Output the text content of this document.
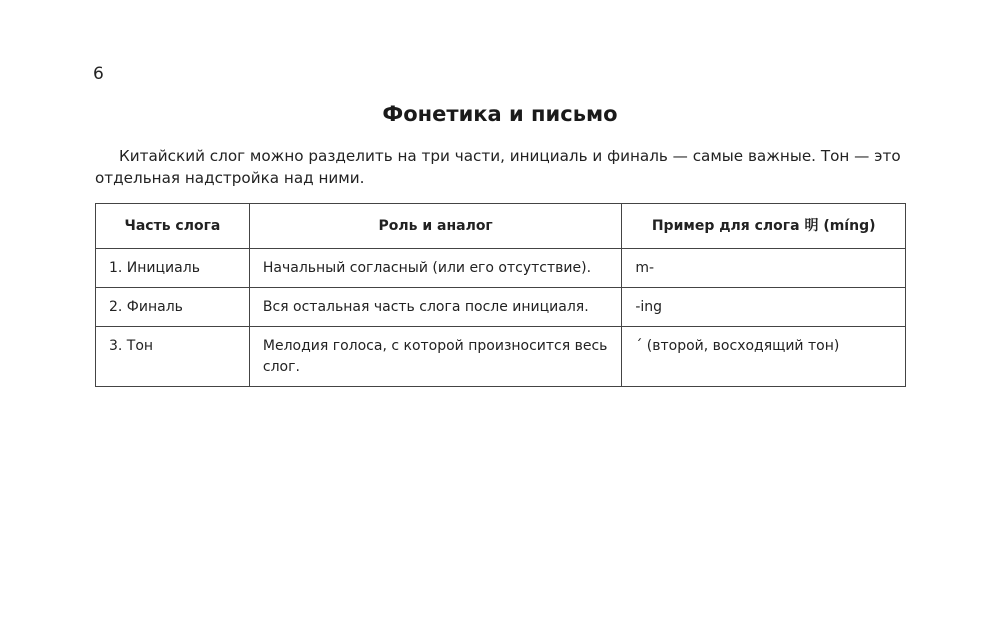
6
Фонетика и письмо

Китайский слог можно разделить на три части, инициаль и финаль — самые важные. Тон — это отдельная надстройка над ними.

Часть слога	Роль и аналог	Пример для слога 明 (míng)
1. Инициаль	Начальный согласный (или его отсутствие).	m-
2. Финаль	Вся остальная часть слога после инициаля.	-ing
3. Тон	Мелодия голоса, с которой произносится весь слог.	´ (второй, восходящий тон)
